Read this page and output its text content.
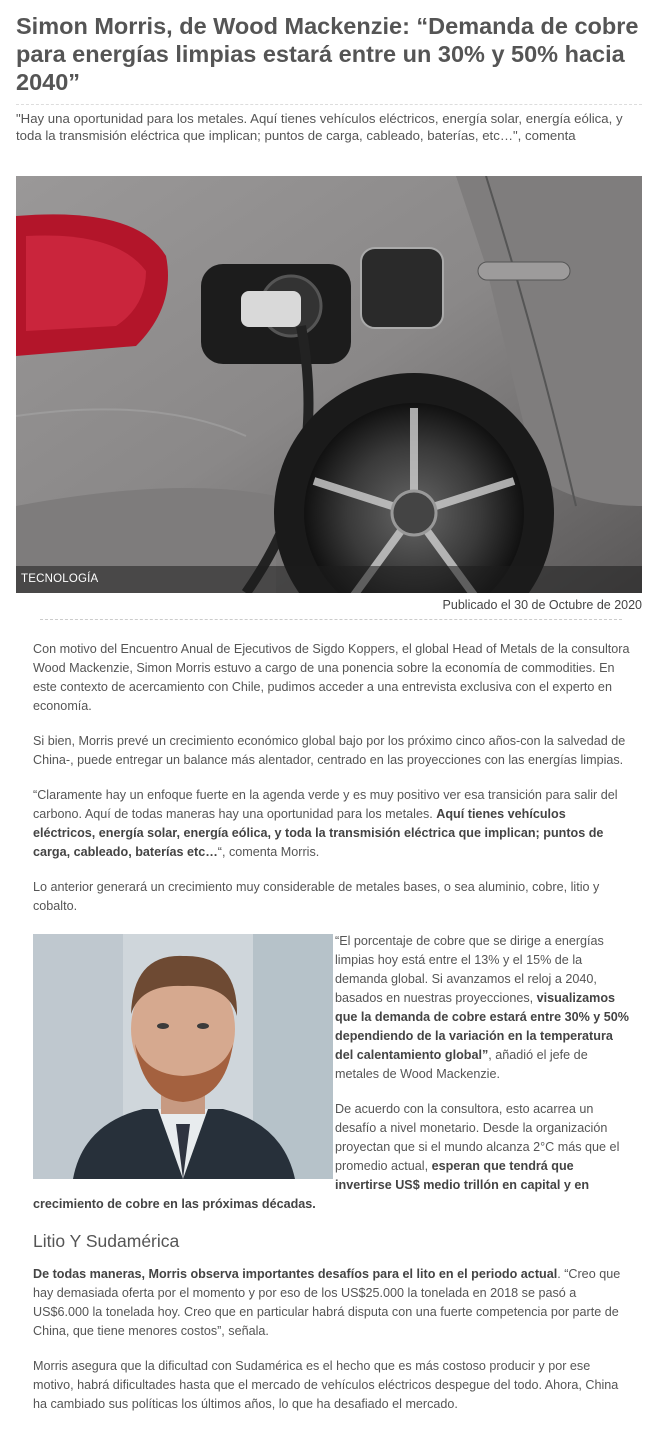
Simon Morris, de Wood Mackenzie: “Demanda de cobre para energías limpias estará entre un 30% y 50% hacia 2040”

"Hay una oportunidad para los metales. Aquí tienes vehículos eléctricos, energía solar, energía eólica, y toda la transmisión eléctrica que implican; puntos de carga, cableado, baterías, etc…", comenta

TECNOLOGÍA
Publicado el 30 de Octubre de 2020

Con motivo del Encuentro Anual de Ejecutivos de Sigdo Koppers, el global Head of Metals de la consultora Wood Mackenzie, Simon Morris estuvo a cargo de una ponencia sobre la economía de commodities. En este contexto de acercamiento con Chile, pudimos acceder a una entrevista exclusiva con el experto en economía.

Si bien, Morris prevé un crecimiento económico global bajo por los próximo cinco años-con la salvedad de China-, puede entregar un balance más alentador, centrado en las proyecciones con las energías limpias.

“Claramente hay un enfoque fuerte en la agenda verde y es muy positivo ver esa transición para salir del carbono. Aquí de todas maneras hay una oportunidad para los metales. Aquí tienes vehículos eléctricos, energía solar, energía eólica, y toda la transmisión eléctrica que implican; puntos de carga, cableado, baterías etc…“, comenta Morris.

Lo anterior generará un crecimiento muy considerable de metales bases, o sea aluminio, cobre, litio y cobalto.

“El porcentaje de cobre que se dirige a energías limpias hoy está entre el 13% y el 15% de la demanda global. Si avanzamos el reloj a 2040, basados en nuestras proyecciones, visualizamos que la demanda de cobre estará entre 30% y 50% dependiendo de la variación en la temperatura del calentamiento global”, añadió el jefe de metales de Wood Mackenzie.

De acuerdo con la consultora, esto acarrea un desafío a nivel monetario. Desde la organización proyectan que si el mundo alcanza 2°C más que el promedio actual, esperan que tendrá que invertirse US$ medio trillón en capital y en crecimiento de cobre en las próximas décadas.

Litio Y Sudamérica

De todas maneras, Morris observa importantes desafíos para el lito en el periodo actual. “Creo que hay demasiada oferta por el momento y por eso de los US$25.000 la tonelada en 2018 se pasó a US$6.000 la tonelada hoy. Creo que en particular habrá disputa con una fuerte competencia por parte de China, que tiene menores costos”, señala.

Morris asegura que la dificultad con Sudamérica es el hecho que es más costoso producir y por ese motivo, habrá dificultades hasta que el mercado de vehículos eléctricos despegue del todo. Ahora, China ha cambiado sus políticas los últimos años, lo que ha desafiado el mercado.
